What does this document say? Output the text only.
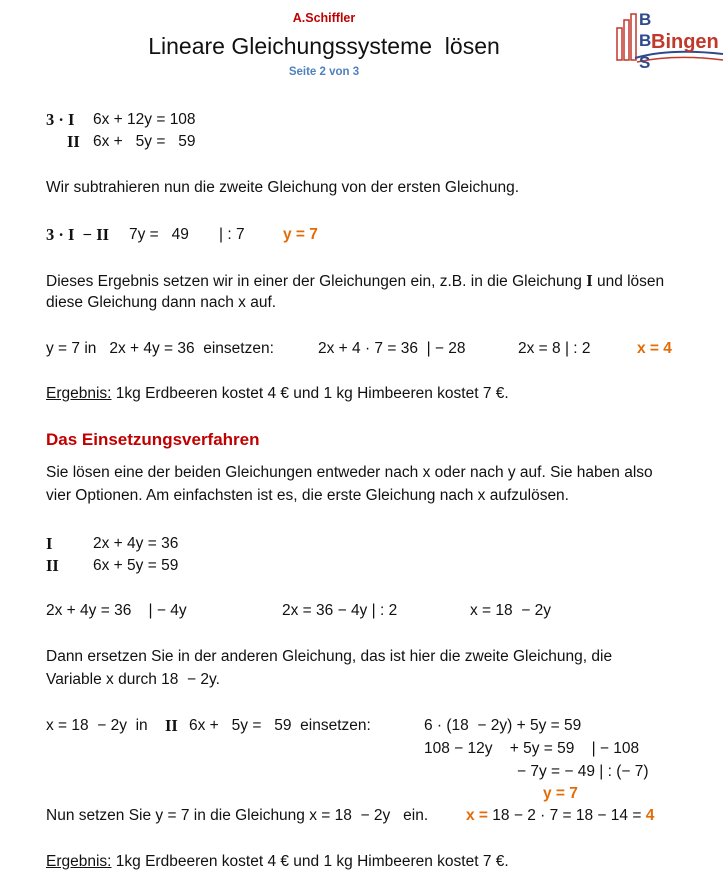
A.Schiffler
Lineare Gleichungssysteme  lösen
Seite 2 von 3
B
B
S
Bingen
3 · I 6x + 12y = 108
II 6x +   5y =   59
Wir subtrahieren nun die zweite Gleichung von der ersten Gleichung.
3 · I  − II 7y =   49 | : 7 y = 7
Dieses Ergebnis setzen wir in einer der Gleichungen ein, z.B. in die Gleichung I und lösen
diese Gleichung dann nach x auf.
y = 7 in   2x + 4y = 36  einsetzen:	2x + 4 · 7 = 36  | − 28	2x = 8 | : 2	x = 4
Ergebnis: 1kg Erdbeeren kostet 4 € und 1 kg Himbeeren kostet 7 €.
Das Einsetzungsverfahren
Sie lösen eine der beiden Gleichungen entweder nach x oder nach y auf. Sie haben also
vier Optionen. Am einfachsten ist es, die erste Gleichung nach x aufzulösen.
I	2x + 4y = 36
II 6x + 5y = 59
2x + 4y = 36    | − 4y	2x = 36 − 4y | : 2	x = 18  − 2y
Dann ersetzen Sie in der anderen Gleichung, das ist hier die zweite Gleichung, die
Variable x durch 18  − 2y.
x = 18  − 2y  in II 6x +   5y =   59  einsetzen:	6 · (18  − 2y) + 5y = 59
108 − 12y    + 5y = 59    | − 108
− 7y = − 49 | : (− 7)
y = 7
Nun setzen Sie y = 7 in die Gleichung x = 18  − 2y   ein. x = 18 − 2 · 7 = 18 − 14 = 4
Ergebnis: 1kg Erdbeeren kostet 4 € und 1 kg Himbeeren kostet 7 €.
